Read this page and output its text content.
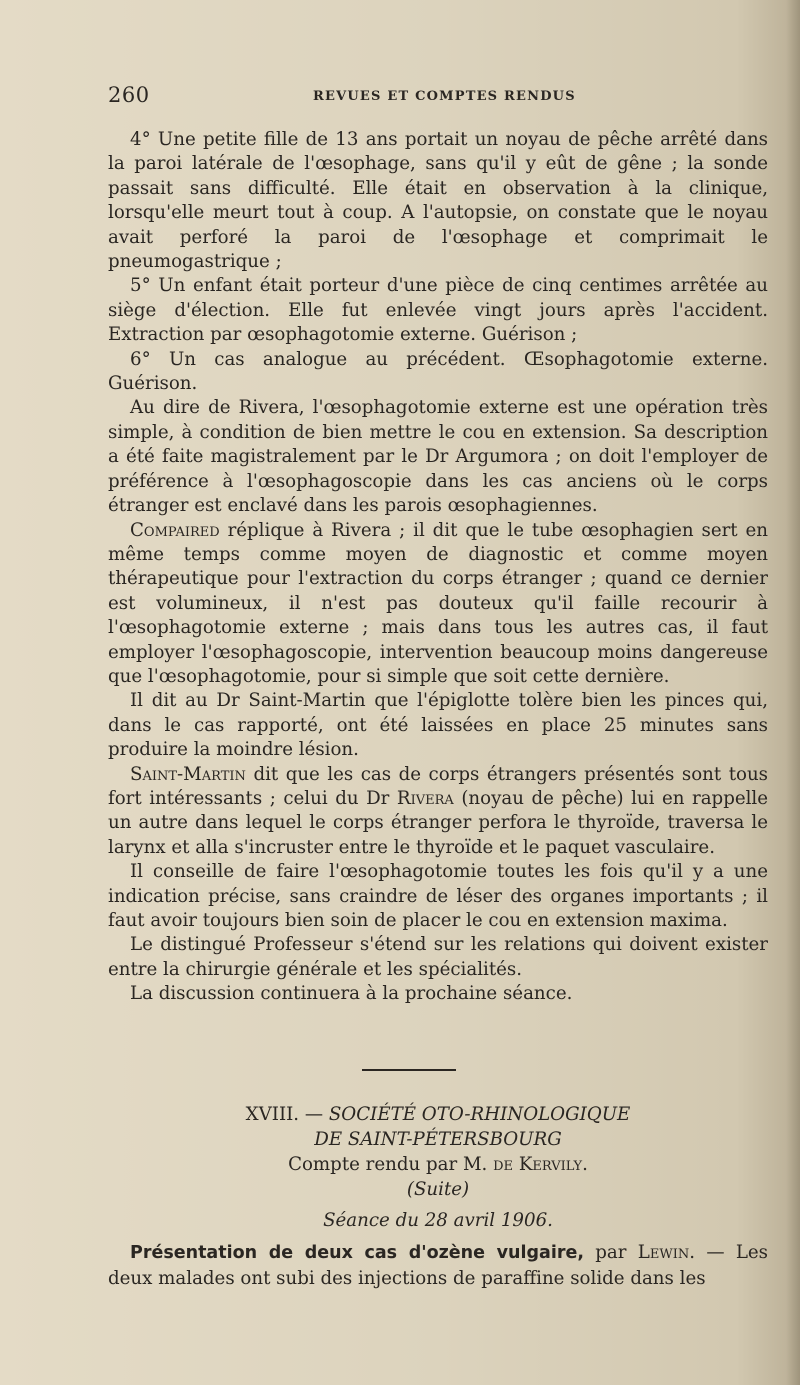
260	REVUES ET COMPTES RENDUS

4° Une petite fille de 13 ans portait un noyau de pêche arrêté dans la paroi latérale de l'œsophage, sans qu'il y eût de gêne ; la sonde passait sans difficulté. Elle était en observation à la clinique, lorsqu'elle meurt tout à coup. A l'autopsie, on constate que le noyau avait perforé la paroi de l'œsophage et comprimait le pneumogastrique ;

5° Un enfant était porteur d'une pièce de cinq centimes arrêtée au siège d'élection. Elle fut enlevée vingt jours après l'accident. Extraction par œsophagotomie externe. Guérison ;

6° Un cas analogue au précédent. Œsophagotomie externe. Guérison.

Au dire de Rivera, l'œsophagotomie externe est une opération très simple, à condition de bien mettre le cou en extension. Sa description a été faite magistralement par le Dr Argumora ; on doit l'employer de préférence à l'œsophagoscopie dans les cas anciens où le corps étranger est enclavé dans les parois œsophagiennes.

Compaired réplique à Rivera ; il dit que le tube œsophagien sert en même temps comme moyen de diagnostic et comme moyen thérapeutique pour l'extraction du corps étranger ; quand ce dernier est volumineux, il n'est pas douteux qu'il faille recourir à l'œsophagotomie externe ; mais dans tous les autres cas, il faut employer l'œsophagoscopie, intervention beaucoup moins dangereuse que l'œsophagotomie, pour si simple que soit cette dernière.

Il dit au Dr Saint-Martin que l'épiglotte tolère bien les pinces qui, dans le cas rapporté, ont été laissées en place 25 minutes sans produire la moindre lésion.

Saint-Martin dit que les cas de corps étrangers présentés sont tous fort intéressants ; celui du Dr Rivera (noyau de pêche) lui en rappelle un autre dans lequel le corps étranger perfora le thyroïde, traversa le larynx et alla s'incruster entre le thyroïde et le paquet vasculaire.

Il conseille de faire l'œsophagotomie toutes les fois qu'il y a une indication précise, sans craindre de léser des organes importants ; il faut avoir toujours bien soin de placer le cou en extension maxima.

Le distingué Professeur s'étend sur les relations qui doivent exister entre la chirurgie générale et les spécialités.

La discussion continuera à la prochaine séance.

XVIII. — SOCIÉTÉ OTO-RHINOLOGIQUE
DE SAINT-PÉTERSBOURG
Compte rendu par M. de Kervily.
(Suite)
Séance du 28 avril 1906.

Présentation de deux cas d'ozène vulgaire, par Lewin. — Les deux malades ont subi des injections de paraffine solide dans les
